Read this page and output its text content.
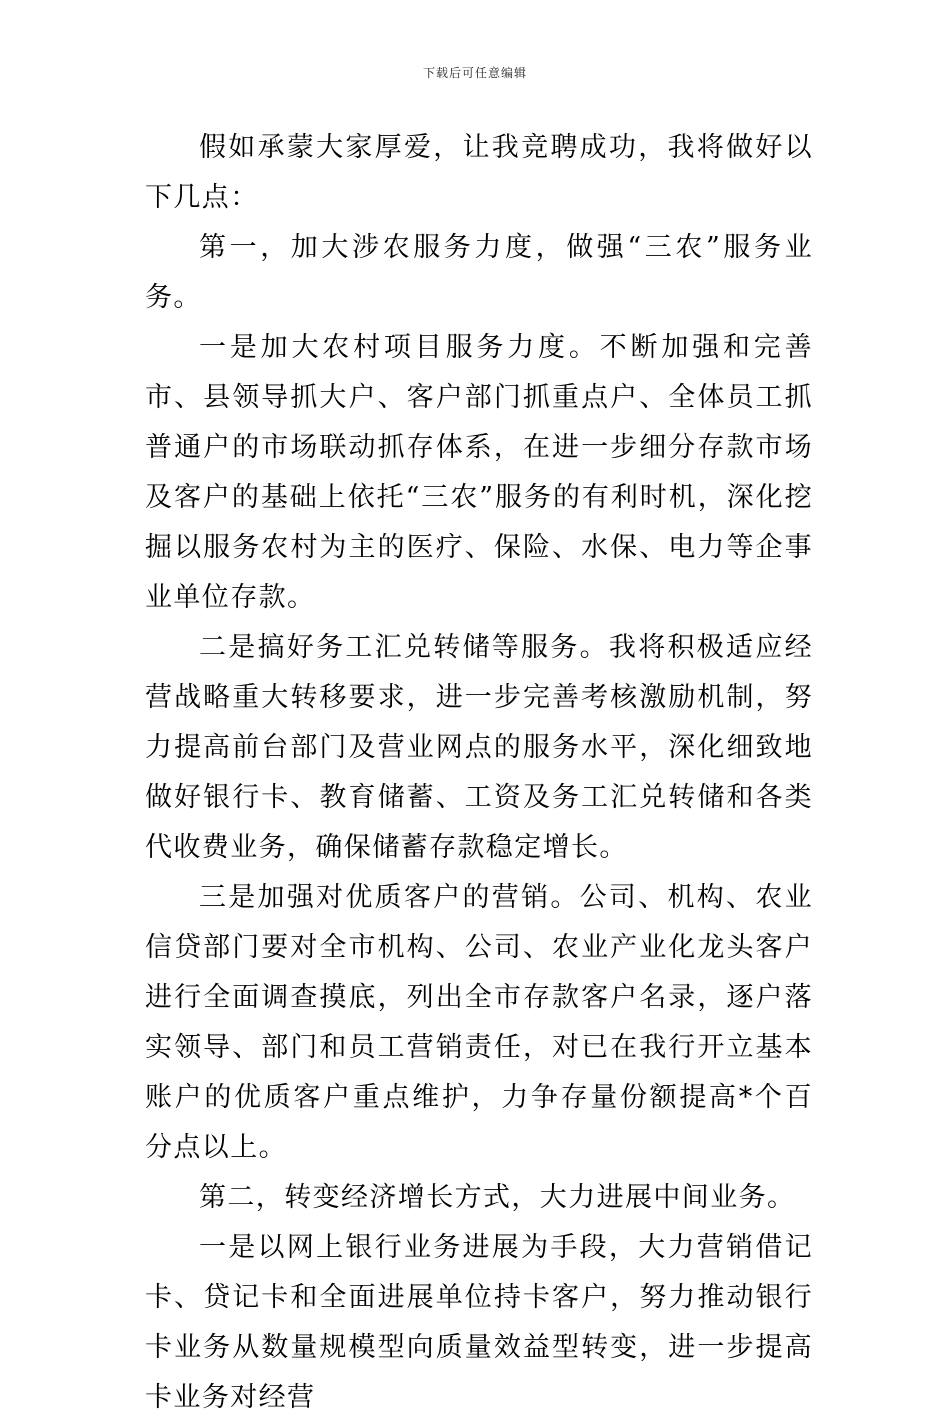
下载后可任意编辑

假如承蒙大家厚爱，让我竞聘成功，我将做好以下几点：

第一，加大涉农服务力度，做强“三农”服务业务。

一是加大农村项目服务力度。不断加强和完善市、县领导抓大户、客户部门抓重点户、全体员工抓普通户的市场联动抓存体系，在进一步细分存款市场及客户的基础上依托“三农”服务的有利时机，深化挖掘以服务农村为主的医疗、保险、水保、电力等企事业单位存款。

二是搞好务工汇兑转储等服务。我将积极适应经营战略重大转移要求，进一步完善考核激励机制，努力提高前台部门及营业网点的服务水平，深化细致地做好银行卡、教育储蓄、工资及务工汇兑转储和各类代收费业务，确保储蓄存款稳定增长。

三是加强对优质客户的营销。公司、机构、农业信贷部门要对全市机构、公司、农业产业化龙头客户进行全面调查摸底，列出全市存款客户名录，逐户落实领导、部门和员工营销责任，对已在我行开立基本账户的优质客户重点维护，力争存量份额提高*个百分点以上。

第二，转变经济增长方式，大力进展中间业务。

一是以网上银行业务进展为手段，大力营销借记卡、贷记卡和全面进展单位持卡客户，努力推动银行卡业务从数量规模型向质量效益型转变，进一步提高卡业务对经营
